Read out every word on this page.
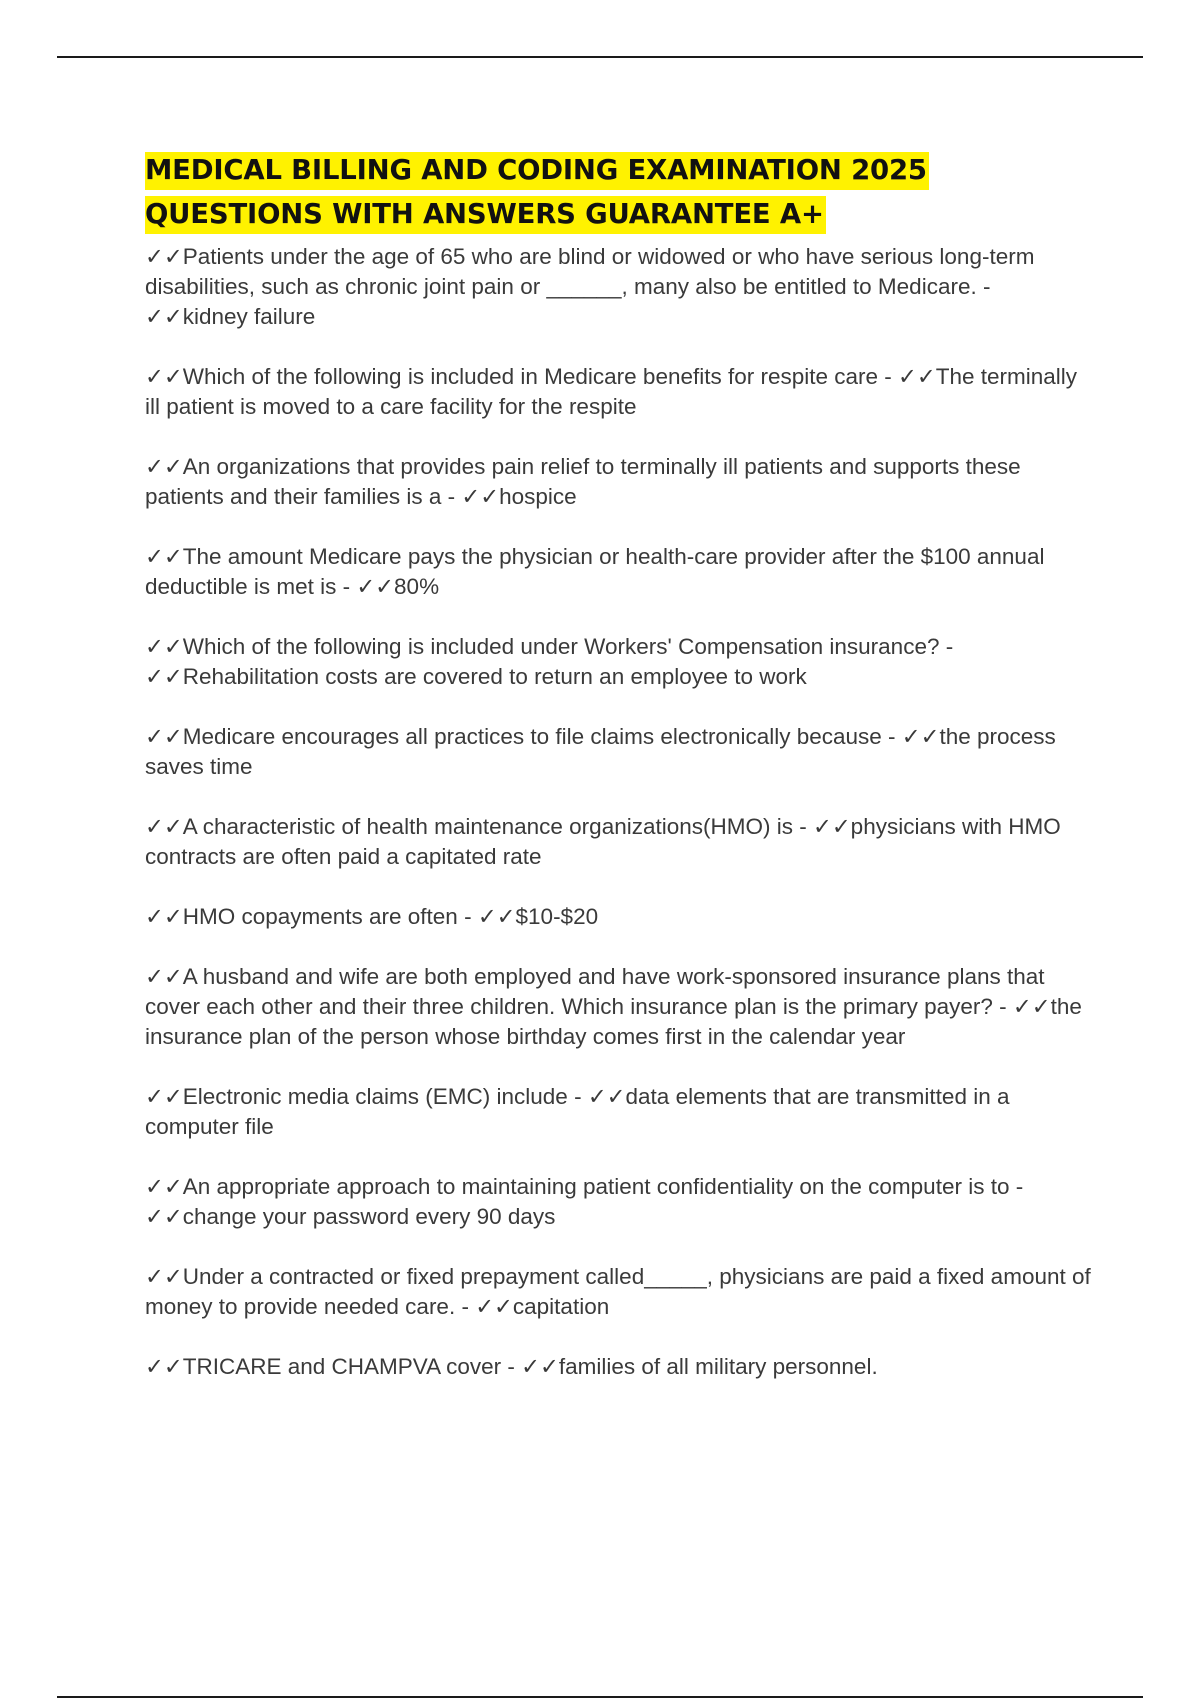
MEDICAL BILLING AND CODING EXAMINATION 2025 QUESTIONS WITH ANSWERS GUARANTEE A+
✓✓Patients under the age of 65 who are blind or widowed or who have serious long-term disabilities, such as chronic joint pain or ______, many also be entitled to Medicare. - ✓✓kidney failure
✓✓Which of the following is included in Medicare benefits for respite care - ✓✓The terminally ill patient is moved to a care facility for the respite
✓✓An organizations that provides pain relief to terminally ill patients and supports these patients and their families is a - ✓✓hospice
✓✓The amount Medicare pays the physician or health-care provider after the $100 annual deductible is met is - ✓✓80%
✓✓Which of the following is included under Workers' Compensation insurance? - ✓✓Rehabilitation costs are covered to return an employee to work
✓✓Medicare encourages all practices to file claims electronically because - ✓✓the process saves time
✓✓A characteristic of health maintenance organizations(HMO) is - ✓✓physicians with HMO contracts are often paid a capitated rate
✓✓HMO copayments are often - ✓✓$10-$20
✓✓A husband and wife are both employed and have work-sponsored insurance plans that cover each other and their three children. Which insurance plan is the primary payer? - ✓✓the insurance plan of the person whose birthday comes first in the calendar year
✓✓Electronic media claims (EMC) include - ✓✓data elements that are transmitted in a computer file
✓✓An appropriate approach to maintaining patient confidentiality on the computer is to - ✓✓change your password every 90 days
✓✓Under a contracted or fixed prepayment called_____, physicians are paid a fixed amount of money to provide needed care. - ✓✓capitation
✓✓TRICARE and CHAMPVA cover - ✓✓families of all military personnel.
